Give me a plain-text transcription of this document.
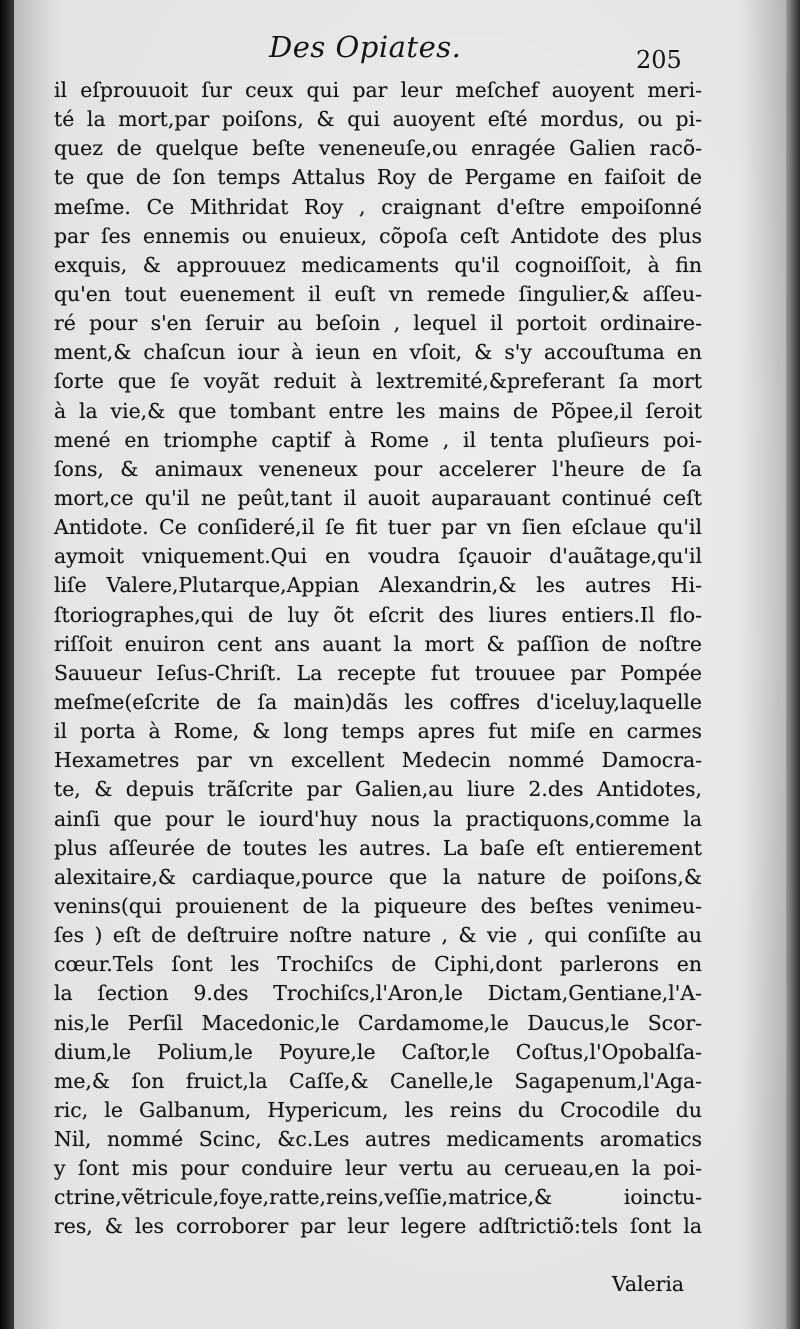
Des Opiates.	205
il eſprouuoit ſur ceux qui par leur meſchef auoyent meri-
té la mort,par poiſons, & qui auoyent eſté mordus, ou pi-
quez de quelque beſte veneneuſe,ou enragée Galien racõ-
te que de ſon temps Attalus Roy de Pergame en faiſoit de
meſme. Ce Mithridat Roy , craignant d'eſtre empoiſonné
par ſes ennemis ou enuieux, cõpoſa ceſt Antidote des plus
exquis, & approuuez medicaments qu'il cognoiſſoit, à fin
qu'en tout euenement il euſt vn remede ſingulier,& aſſeu-
ré pour s'en ſeruir au beſoin , lequel il portoit ordinaire-
ment,& chaſcun iour à ieun en vſoit, & s'y accouſtuma en
ſorte que ſe voyãt reduit à lextremité,&preferant ſa mort
à la vie,& que tombant entre les mains de Põpee,il ſeroit
mené en triomphe captif à Rome , il tenta pluſieurs poi-
ſons, & animaux veneneux pour accelerer l'heure de ſa
mort,ce qu'il ne peût,tant il auoit auparauant continué ceſt
Antidote. Ce conſideré,il ſe fit tuer par vn ſien eſclaue qu'il
aymoit vniquement.Qui en voudra ſçauoir d'auãtage,qu'il
liſe Valere,Plutarque,Appian Alexandrin,& les autres Hi-
ſtoriographes,qui de luy õt eſcrit des liures entiers.Il flo-
riſſoit enuiron cent ans auant la mort & paſſion de noſtre
Sauueur Ieſus-Chriſt. La recepte fut trouuee par Pompée
meſme(eſcrite de ſa main)dãs les coffres d'iceluy,laquelle
il porta à Rome, & long temps apres fut miſe en carmes
Hexametres par vn excellent Medecin nommé Damocra-
te, & depuis trãſcrite par Galien,au liure 2.des Antidotes,
ainſi que pour le iourd'huy nous la practiquons,comme la
plus aſſeurée de toutes les autres. La baſe eſt entierement
alexitaire,& cardiaque,pource que la nature de poiſons,&
venins(qui prouienent de la piqueure des beſtes venimeu-
ſes ) eſt de deſtruire noſtre nature , & vie , qui conſiſte au
cœur.Tels ſont les Trochiſcs de Ciphi,dont parlerons en
la ſection 9.des Trochiſcs,l'Aron,le Dictam,Gentiane,l'A-
nis,le Perſil Macedonic,le Cardamome,le Daucus,le Scor-
dium,le Polium,le Poyure,le Caſtor,le Coſtus,l'Opobalſa-
me,& ſon fruict,la Caſſe,& Canelle,le Sagapenum,l'Aga-
ric, le Galbanum, Hypericum, les reins du Crocodile du
Nil, nommé Scinc, &c.Les autres medicaments aromatics
y ſont mis pour conduire leur vertu au cerueau,en la poi-
ctrine,vẽtricule,foye,ratte,reins,veſſie,matrice,& ioinctu-
res, & les corroborer par leur legere adſtrictiõ:tels ſont la
Valeria
